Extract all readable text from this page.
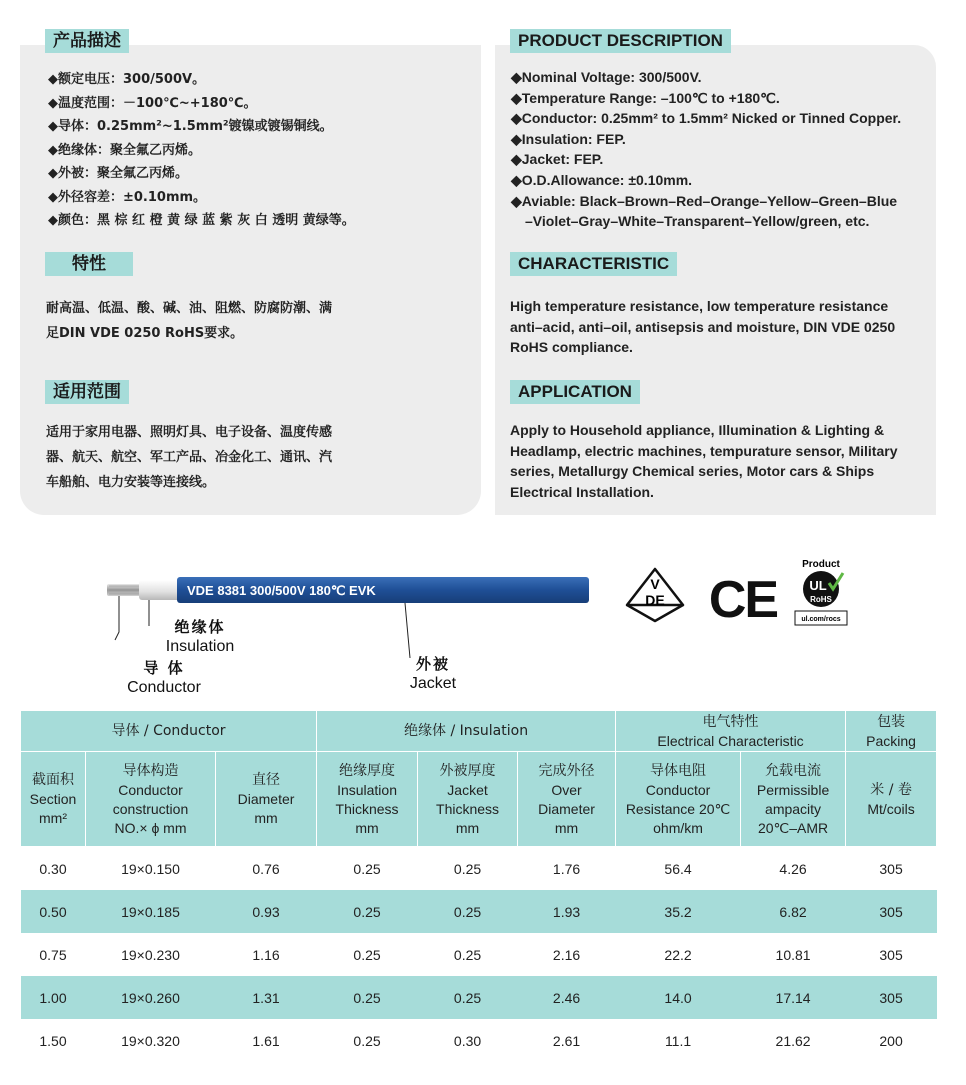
产品描述
◆额定电压：300/500V。
◆温度范围：－100℃~+180℃。
◆导体：0.25mm²~1.5mm²镀镍或镀锡铜线。
◆绝缘体：聚全氟乙丙烯。
◆外被：聚全氟乙丙烯。
◆外径容差：±0.10mm。
◆颜色：黑 棕 红 橙 黄 绿 蓝 紫 灰 白 透明 黄绿等。
特性

耐高温、低温、酸、碱、油、阻燃、防腐防潮、满
足DIN VDE 0250 RoHS要求。

适用范围

适用于家用电器、照明灯具、电子设备、温度传感
器、航天、航空、军工产品、冶金化工、通讯、汽
车船舶、电力安装等连接线。

PRODUCT DESCRIPTION
◆Nominal Voltage: 300/500V.
◆Temperature Range: –100℃ to +180℃.
◆Conductor: 0.25mm² to 1.5mm² Nicked or Tinned Copper.
◆Insulation: FEP.
◆Jacket: FEP.
◆O.D.Allowance: ±0.10mm.
◆Aviable: Black–Brown–Red–Orange–Yellow–Green–Blue
–Violet–Gray–White–Transparent–Yellow/green, etc.
CHARACTERISTIC

High temperature resistance, low temperature resistance
anti–acid, anti–oil, antisepsis and moisture, DIN VDE 0250
RoHS compliance.

APPLICATION

Apply to Household appliance, Illumination & Lighting &
Headlamp, electric machines, tempurature sensor, Military
series, Metallurgy Chemical series, Motor cars & Ships
Electrical Installation.

VDE 8381 300/500V 180℃ EVK
绝缘体
Insulation
导 体
Conductor
外被
Jacket
V
DE CE
Product
UL
RoHS
ul.com/rocs
导体 / Conductor			绝缘体 / Insulation			电气特性
Electrical Characteristic		包装
Packing
截面积
Section
mm²	导体构造
Conductor
construction
NO.× ϕ mm	直径
Diameter
mm	绝缘厚度
Insulation
Thickness
mm	外被厚度
Jacket
Thickness
mm	完成外径
Over
Diameter
mm	导体电阻
Conductor
Resistance 20℃
ohm/km	允载电流
Permissible
ampacity
20℃–AMR	米 / 卷
Mt/coils
0.30	19×0.150	0.76	0.25	0.25	1.76	56.4	4.26	305
0.50	19×0.185	0.93	0.25	0.25	1.93	35.2	6.82	305
0.75	19×0.230	1.16	0.25	0.25	2.16	22.2	10.81	305
1.00	19×0.260	1.31	0.25	0.25	2.46	14.0	17.14	305
1.50	19×0.320	1.61	0.25	0.30	2.61	11.1	21.62	200
